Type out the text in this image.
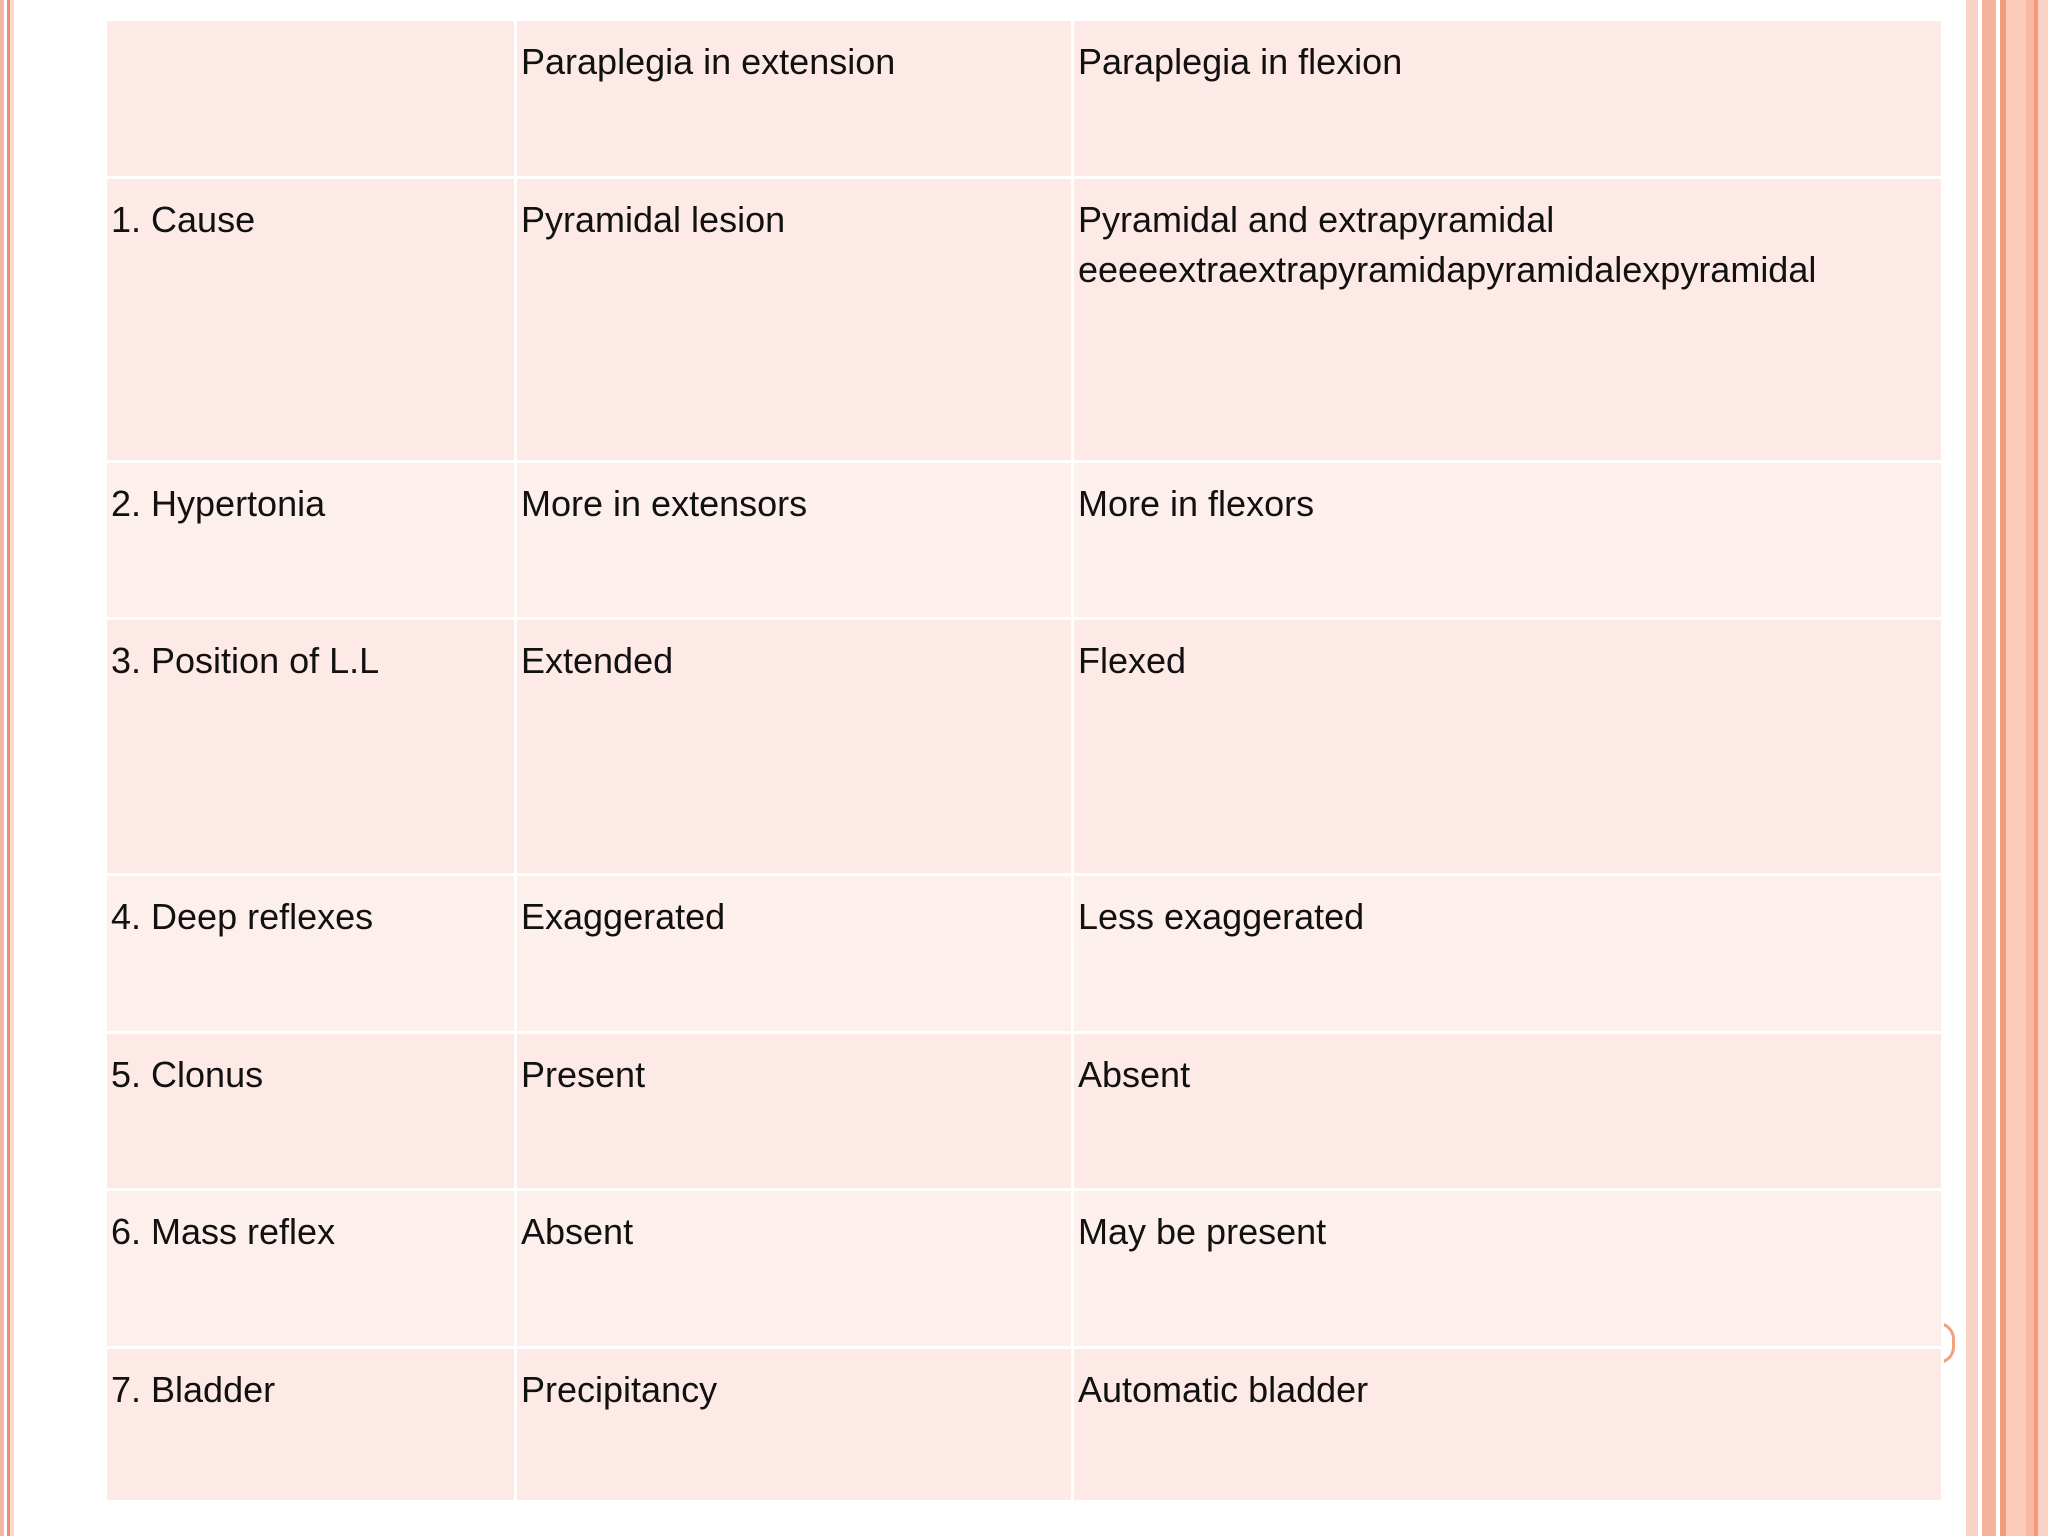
	Paraplegia in extension	Paraplegia in flexion
1. Cause	Pyramidal lesion	Pyramidal and extrapyramidal
eeeeextraextrapyramidapyramidalexpyramidal

2. Hypertonia	More in extensors	More in flexors
3. Position of L.L	Extended	Flexed
4. Deep reflexes	Exaggerated	Less exaggerated
5. Clonus	Present	Absent
6. Mass reflex	Absent	May be present
7. Bladder	Precipitancy	Automatic bladder
